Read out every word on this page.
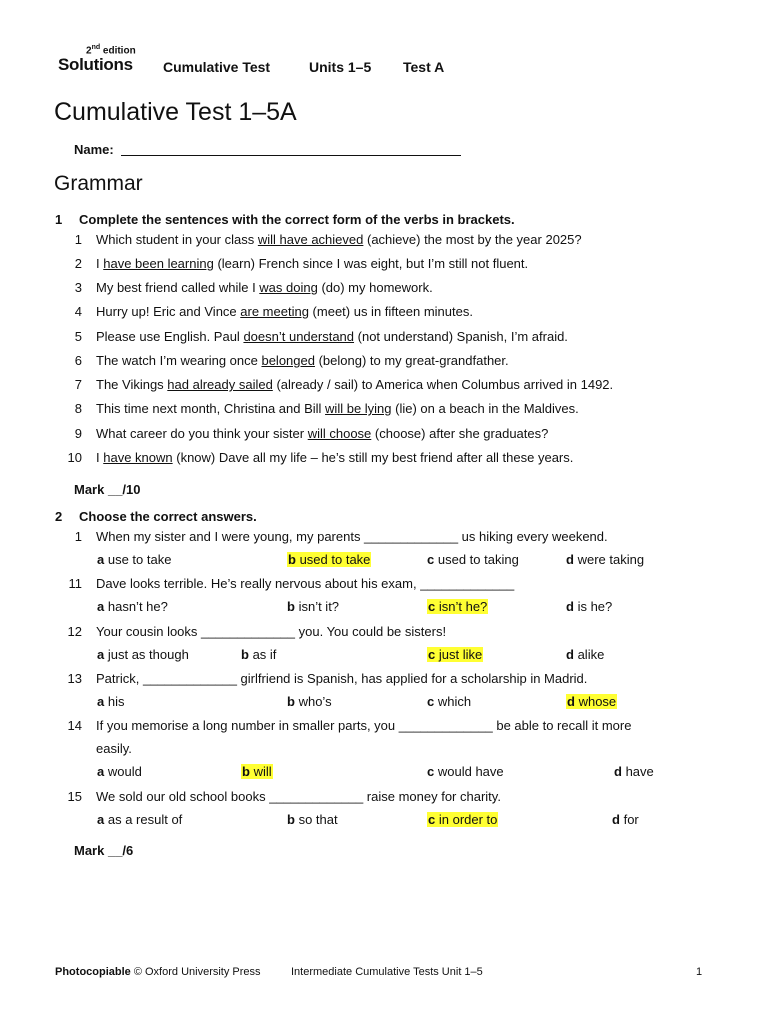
2nd edition
Solutions Cumulative Test	Units 1–5 Test A
Cumulative Test 1–5A
Name:
Grammar
1 Complete the sentences with the correct form of the verbs in brackets.
1 Which student in your class will have achieved (achieve) the most by the year 2025?
2 I have been learning (learn) French since I was eight, but I’m still not fluent.
3 My best friend called while I was doing (do) my homework.
4 Hurry up! Eric and Vince are meeting (meet) us in fifteen minutes.
5 Please use English. Paul doesn’t understand (not understand) Spanish, I’m afraid.
6 The watch I’m wearing once belonged (belong) to my great-grandfather.
7 The Vikings had already sailed (already / sail) to America when Columbus arrived in 1492.
8 This time next month, Christina and Bill will be lying (lie) on a beach in the Maldives.
9 What career do you think your sister will choose (choose) after she graduates?
10 I have known (know) Dave all my life – he’s still my best friend after all these years.
Mark __/10
2 Choose the correct answers.
1 When my sister and I were young, my parents _____________ us hiking every weekend.
a use to take	b used to take	c used to taking	d were taking
11 Dave looks terrible. He’s really nervous about his exam, _____________
a hasn’t he?	b isn’t it?	c isn’t he?	d is he?
12 Your cousin looks _____________ you. You could be sisters!
a just as though	b as if	c just like	d alike
13 Patrick, _____________ girlfriend is Spanish, has applied for a scholarship in Madrid.
a his	b who’s	c which	d whose
14 If you memorise a long number in smaller parts, you _____________ be able to recall it more
easily.
a would	b will	c would have	d have
15 We sold our old school books _____________ raise money for charity.
a as a result of	b so that	c in order to	d for
Mark __/6
Photocopiable © Oxford University Press	Intermediate Cumulative Tests Unit 1–5	1
